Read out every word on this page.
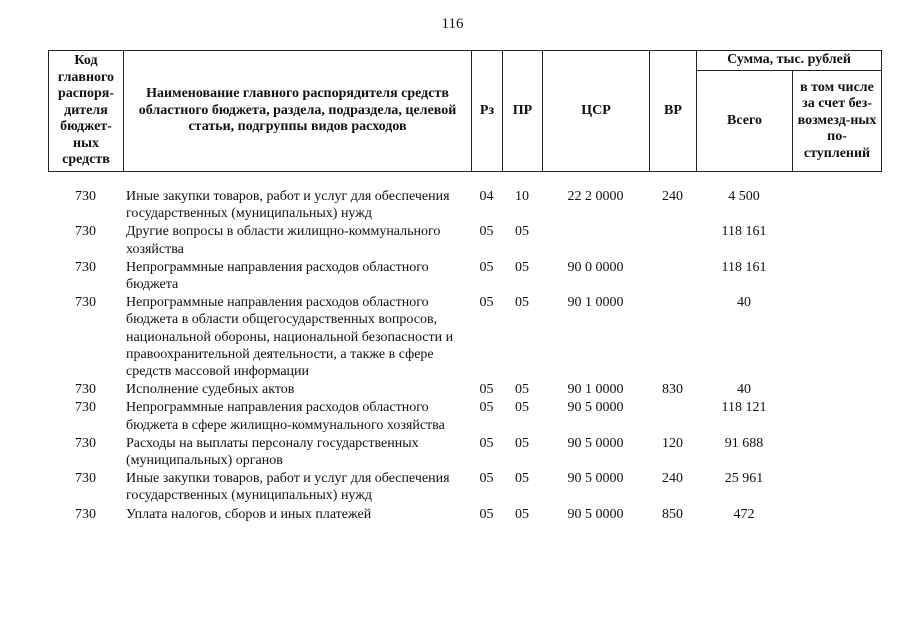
116
Код главного распоря-дителя бюджет-ных средств	Наименование главного распорядителя средств областного бюджета, раздела, подраздела, целевой статьи, подгруппы видов расходов	Рз	ПР	ЦСР	ВР	Сумма, тыс. рублей	
						Всего	в том числе за счет без-возмезд-ных по-ступлений
730	Иные закупки товаров, работ и услуг для обеспечения государственных (муниципальных) нужд	04	10	22 2 0000	240	4 500	
730	Другие вопросы в области жилищно-коммунального хозяйства	05	05			118 161	
730	Непрограммные направления расходов областного бюджета	05	05	90 0 0000		118 161	
730	Непрограммные направления расходов областного бюджета в области общегосударственных вопросов, национальной обороны, национальной безопасности и правоохранительной деятельности, а также в сфере средств массовой информации	05	05	90 1 0000		40	
730	Исполнение судебных актов	05	05	90 1 0000	830	40	
730	Непрограммные направления расходов областного бюджета в сфере жилищно-коммунального хозяйства	05	05	90 5 0000		118 121	
730	Расходы на выплаты персоналу государственных (муниципальных) органов	05	05	90 5 0000	120	91 688	
730	Иные закупки товаров, работ и услуг для обеспечения государственных (муниципальных) нужд	05	05	90 5 0000	240	25 961	
730	Уплата налогов, сборов и иных платежей	05	05	90 5 0000	850	472	
